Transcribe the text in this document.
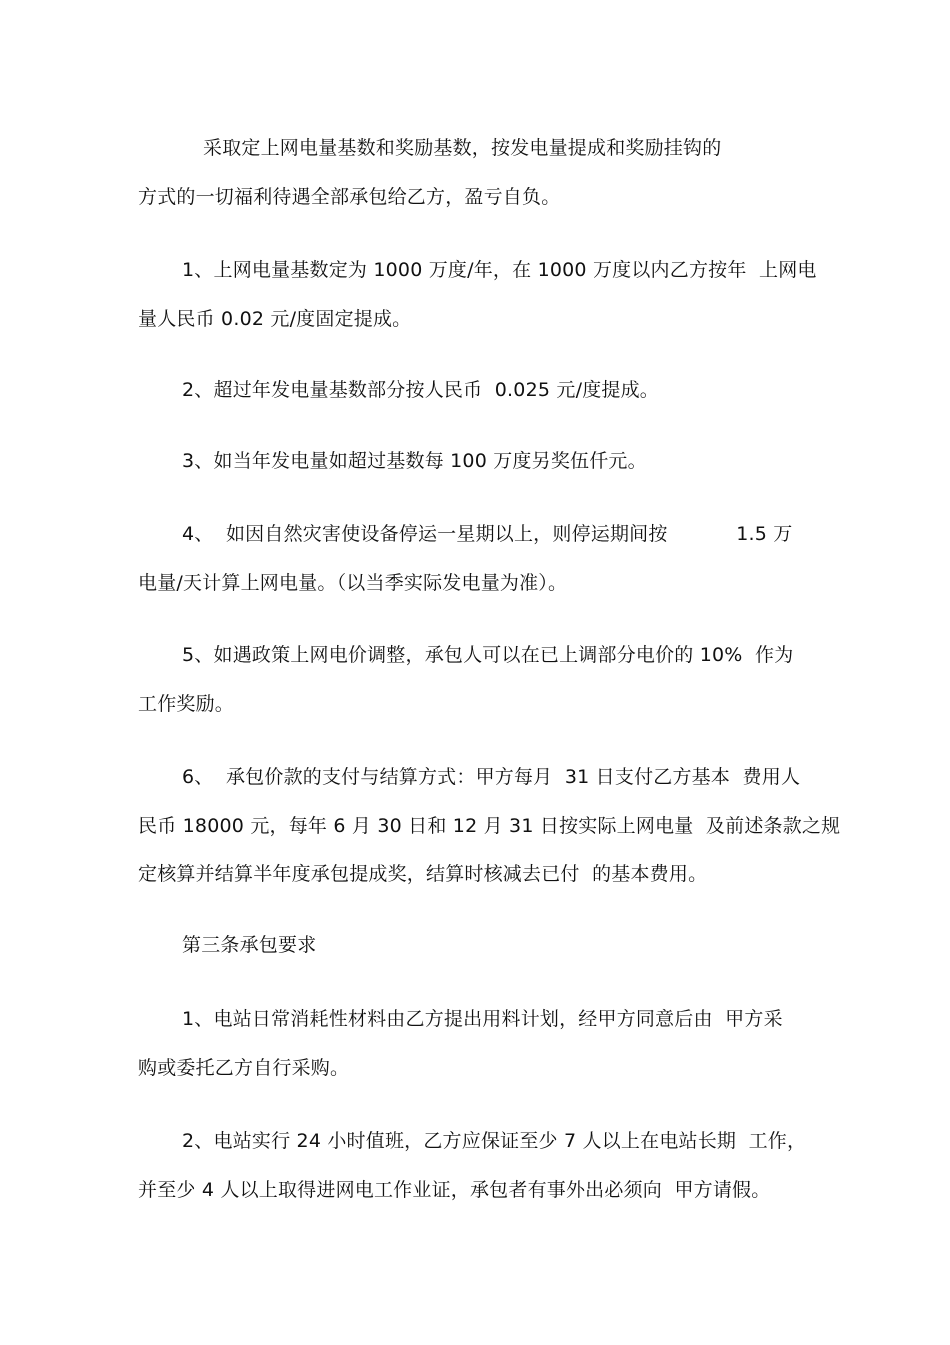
采取定上网电量基数和奖励基数，按发电量提成和奖励挂钩的
方式的一切福利待遇全部承包给乙方，盈亏自负。
1、上网电量基数定为 1000 万度/年，在 1000 万度以内乙方按年  上网电
量人民币 0.02 元/度固定提成。
2、超过年发电量基数部分按人民币  0.025 元/度提成。
3、如当年发电量如超过基数每 100 万度另奖伍仟元。
4、  如因自然灾害使设备停运一星期以上，则停运期间按           1.5 万
电量/天计算上网电量。（以当季实际发电量为准）。
5、如遇政策上网电价调整，承包人可以在已上调部分电价的 10%  作为
工作奖励。
6、  承包价款的支付与结算方式：甲方每月  31 日支付乙方基本  费用人
民币 18000 元，每年 6 月 30 日和 12 月 31 日按实际上网电量  及前述条款之规
定核算并结算半年度承包提成奖，结算时核减去已付  的基本费用。
第三条承包要求
1、电站日常消耗性材料由乙方提出用料计划，经甲方同意后由  甲方采
购或委托乙方自行采购。
2、电站实行 24 小时值班，乙方应保证至少 7 人以上在电站长期  工作，
并至少 4 人以上取得进网电工作业证，承包者有事外出必须向  甲方请假。
